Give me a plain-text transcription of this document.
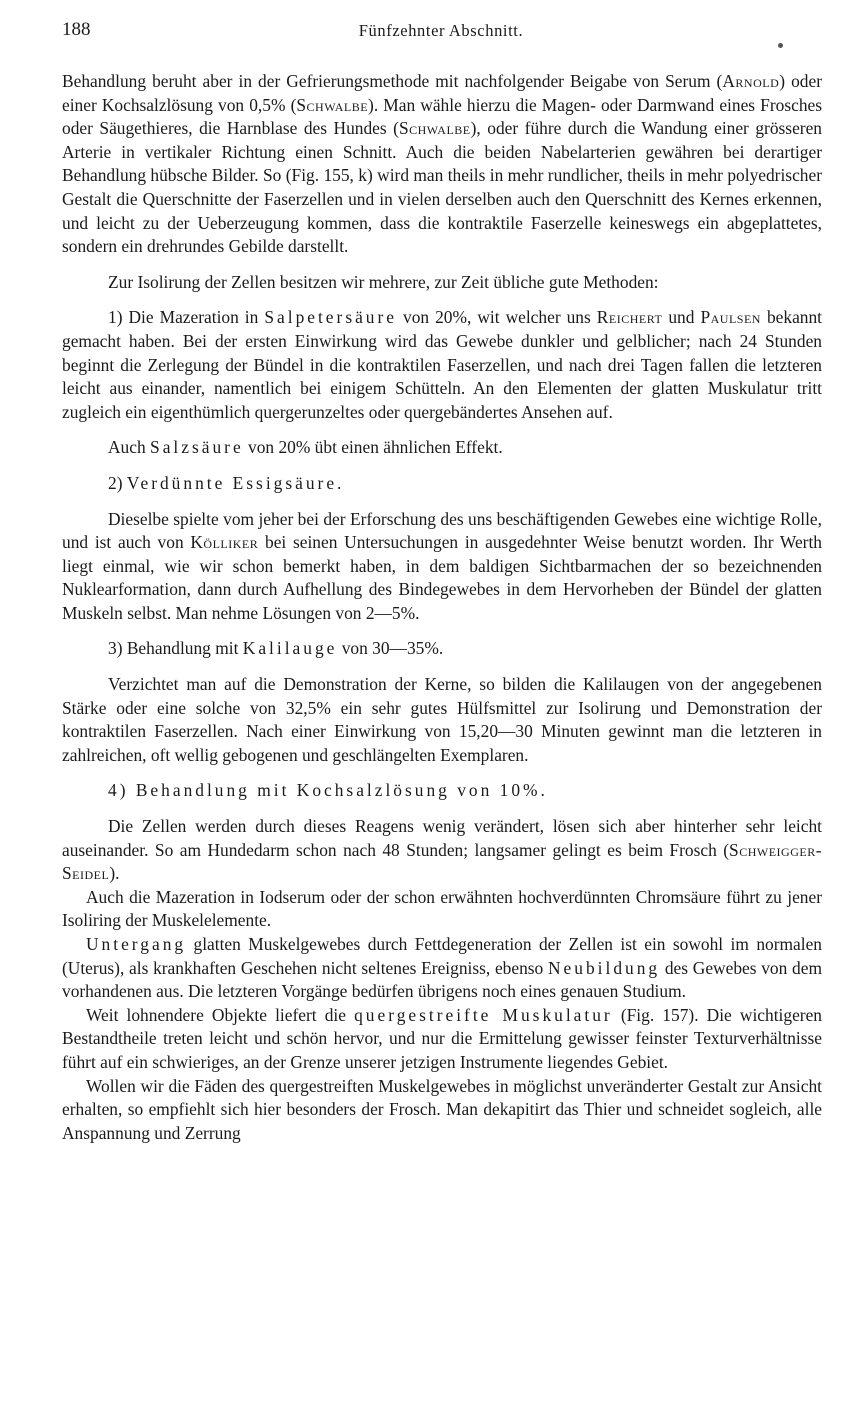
188	Fünfzehnter Abschnitt.

Behandlung beruht aber in der Gefrierungsmethode mit nachfolgender Beigabe von Serum (Arnold) oder einer Kochsalzlösung von 0,5% (Schwalbe). Man wähle hierzu die Magen- oder Darmwand eines Frosches oder Säugethieres, die Harnblase des Hundes (Schwalbe), oder führe durch die Wandung einer grösseren Arterie in vertikaler Richtung einen Schnitt. Auch die beiden Nabelarterien gewähren bei derartiger Behandlung hübsche Bilder. So (Fig. 155, k) wird man theils in mehr rundlicher, theils in mehr polyedrischer Gestalt die Querschnitte der Faserzellen und in vielen derselben auch den Querschnitt des Kernes erkennen, und leicht zu der Ueberzeugung kommen, dass die kontraktile Faserzelle keineswegs ein abgeplattetes, sondern ein drehrundes Gebilde darstellt.

Zur Isolirung der Zellen besitzen wir mehrere, zur Zeit übliche gute Methoden:

1) Die Mazeration in Salpetersäure von 20%, wit welcher uns Reichert und Paulsen bekannt gemacht haben. Bei der ersten Einwirkung wird das Gewebe dunkler und gelblicher; nach 24 Stunden beginnt die Zerlegung der Bündel in die kontraktilen Faserzellen, und nach drei Tagen fallen die letzteren leicht aus einander, namentlich bei einigem Schütteln. An den Elementen der glatten Muskulatur tritt zugleich ein eigenthümlich quergerunzeltes oder quergebändertes Ansehen auf.

Auch Salzsäure von 20% übt einen ähnlichen Effekt.

2) Verdünnte Essigsäure.

Dieselbe spielte vom jeher bei der Erforschung des uns beschäftigenden Gewebes eine wichtige Rolle, und ist auch von Kölliker bei seinen Untersuchungen in ausgedehnter Weise benutzt worden. Ihr Werth liegt einmal, wie wir schon bemerkt haben, in dem baldigen Sichtbarmachen der so bezeichnenden Nuklearformation, dann durch Aufhellung des Bindegewebes in dem Hervorheben der Bündel der glatten Muskeln selbst. Man nehme Lösungen von 2—5%.

3) Behandlung mit Kalilauge von 30—35%.

Verzichtet man auf die Demonstration der Kerne, so bilden die Kalilaugen von der angegebenen Stärke oder eine solche von 32,5% ein sehr gutes Hülfsmittel zur Isolirung und Demonstration der kontraktilen Faserzellen. Nach einer Einwirkung von 15,20—30 Minuten gewinnt man die letzteren in zahlreichen, oft wellig gebogenen und geschlängelten Exemplaren.

4) Behandlung mit Kochsalzlösung von 10%.

Die Zellen werden durch dieses Reagens wenig verändert, lösen sich aber hinterher sehr leicht auseinander. So am Hundedarm schon nach 48 Stunden; langsamer gelingt es beim Frosch (Schweigger-Seidel).

Auch die Mazeration in Iodserum oder der schon erwähnten hochverdünnten Chromsäure führt zu jener Isoliring der Muskelelemente.

Untergang glatten Muskelgewebes durch Fettdegeneration der Zellen ist ein sowohl im normalen (Uterus), als krankhaften Geschehen nicht seltenes Ereigniss, ebenso Neubildung des Gewebes von dem vorhandenen aus. Die letzteren Vorgänge bedürfen übrigens noch eines genauen Studium.

Weit lohnendere Objekte liefert die quergestreifte Muskulatur (Fig. 157). Die wichtigeren Bestandtheile treten leicht und schön hervor, und nur die Ermittelung gewisser feinster Texturverhältnisse führt auf ein schwieriges, an der Grenze unserer jetzigen Instrumente liegendes Gebiet.

Wollen wir die Fäden des quergestreiften Muskelgewebes in möglichst unveränderter Gestalt zur Ansicht erhalten, so empfiehlt sich hier besonders der Frosch. Man dekapitirt das Thier und schneidet sogleich, alle Anspannung und Zerrung
